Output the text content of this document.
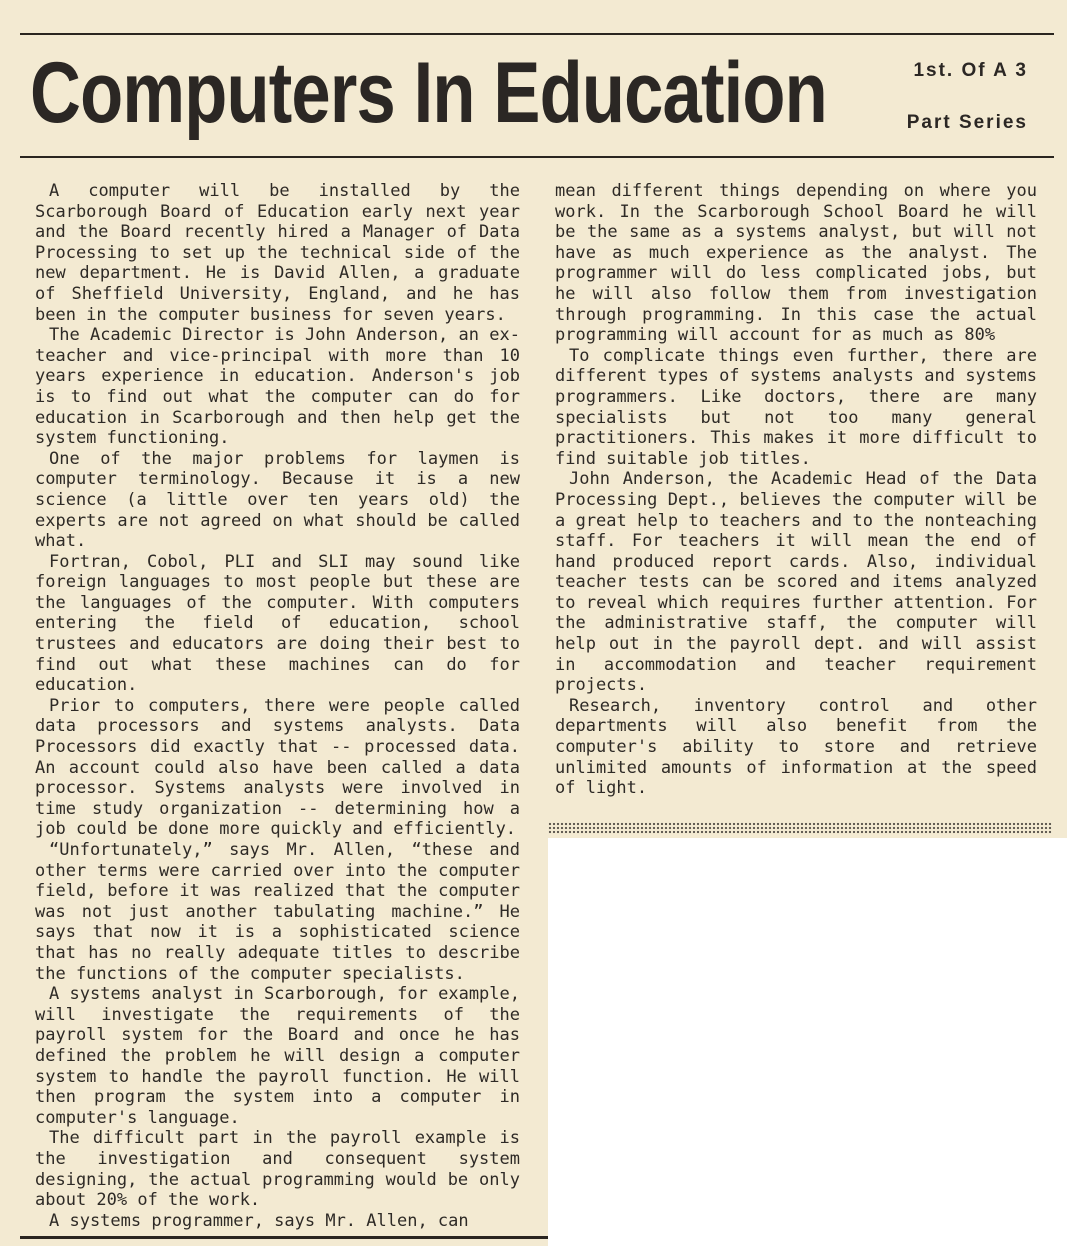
Computers In Education	1st. Of A 3
Part Series

A computer will be installed by the Scarborough Board of Education early next year and the Board recently hired a Manager of Data Processing to set up the technical side of the new department. He is David Allen, a graduate of Sheffield University, England, and he has been in the computer business for seven years.

The Academic Director is John Anderson, an ex-teacher and vice-principal with more than 10 years experience in education. Anderson's job is to find out what the computer can do for education in Scarborough and then help get the system functioning.

One of the major problems for laymen is computer terminology. Because it is a new science (a little over ten years old) the experts are not agreed on what should be called what.

Fortran, Cobol, PLI and SLI may sound like foreign languages to most people but these are the languages of the computer. With computers entering the field of education, school trustees and educators are doing their best to find out what these machines can do for education.

Prior to computers, there were people called data processors and systems analysts. Data Processors did exactly that -- processed data. An account could also have been called a data processor. Systems analysts were involved in time study organization -- determining how a job could be done more quickly and efficiently.

“Unfortunately,” says Mr. Allen, “these and other terms were carried over into the computer field, before it was realized that the computer was not just another tabulating machine.” He says that now it is a sophisticated science that has no really adequate titles to describe the functions of the computer specialists.

A systems analyst in Scarborough, for example, will investigate the requirements of the payroll system for the Board and once he has defined the problem he will design a computer system to handle the payroll function. He will then program the system into a computer in computer's language.

The difficult part in the payroll example is the investigation and consequent system designing, the actual programming would be only about 20% of the work.

A systems programmer, says Mr. Allen, can

mean different things depending on where you work. In the Scarborough School Board he will be the same as a systems analyst, but will not have as much experience as the analyst. The programmer will do less complicated jobs, but he will also follow them from investigation through programming. In this case the actual programming will account for as much as 80%

To complicate things even further, there are different types of systems analysts and systems programmers. Like doctors, there are many specialists but not too many general practitioners. This makes it more difficult to find suitable job titles.

John Anderson, the Academic Head of the Data Processing Dept., believes the computer will be a great help to teachers and to the nonteaching staff. For teachers it will mean the end of hand produced report cards. Also, individual teacher tests can be scored and items analyzed to reveal which requires further attention. For the administrative staff, the computer will help out in the payroll dept. and will assist in accommodation and teacher requirement projects.

Research, inventory control and other departments will also benefit from the computer's ability to store and retrieve unlimited amounts of information at the speed of light.
